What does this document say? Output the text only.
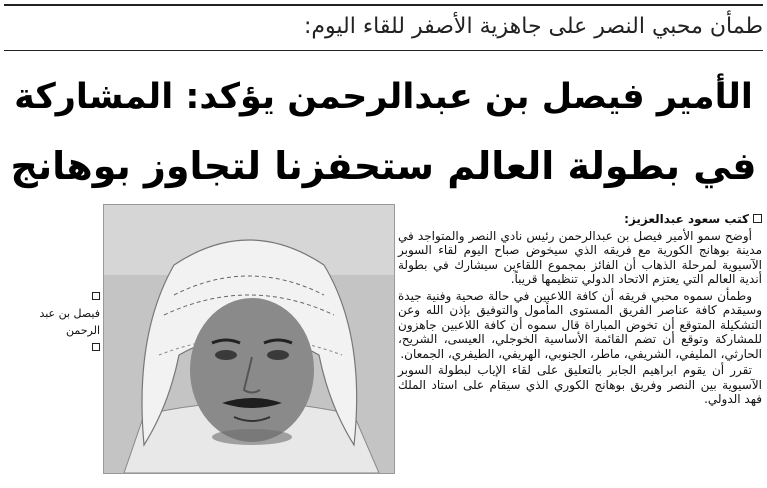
طمأن محبي النصر على جاهزية الأصفر للقاء اليوم:
الأمير فيصل بن عبدالرحمن يؤكد: المشاركة
في بطولة العالم ستحفزنا لتجاوز بوهانج

فيصل بن عبد الرحمن

كتب سعود عبدالعزيز:

أوضح سمو الأمير فيصل بن عبدالرحمن رئيس نادي النصر والمتواجد في مدينة بوهانج الكورية مع فريقه الذي سيخوض صباح اليوم لقاء السوبر الآسيوية لمرحلة الذهاب أن الفائز بمجموع اللقاءين سيشارك في بطولة أندية العالم التي يعتزم الاتحاد الدولي تنظيمها قريباً.

وطمأن سموه محبي فريقه أن كافة اللاعبين في حالة صحية وفنية جيدة وسيقدم كافة عناصر الفريق المستوى المأمول والتوفيق بإذن الله وعن التشكيلة المتوقع أن تخوض المباراة قال سموه أن كافة اللاعبين جاهزون للمشاركة وتوقع أن تضم القائمة الأساسية الخوجلي، العيسى، الشريح، الحارثي، المليفي، الشريفي، ماطر، الجنوبي، الهريفي، الطيفري، الجمعان.

تقرر أن يقوم ابراهيم الجابر بالتعليق على لقاء الإياب لبطولة السوبر الآسيوية بين النصر وفريق بوهانج الكوري الذي سيقام على استاد الملك فهد الدولي.
